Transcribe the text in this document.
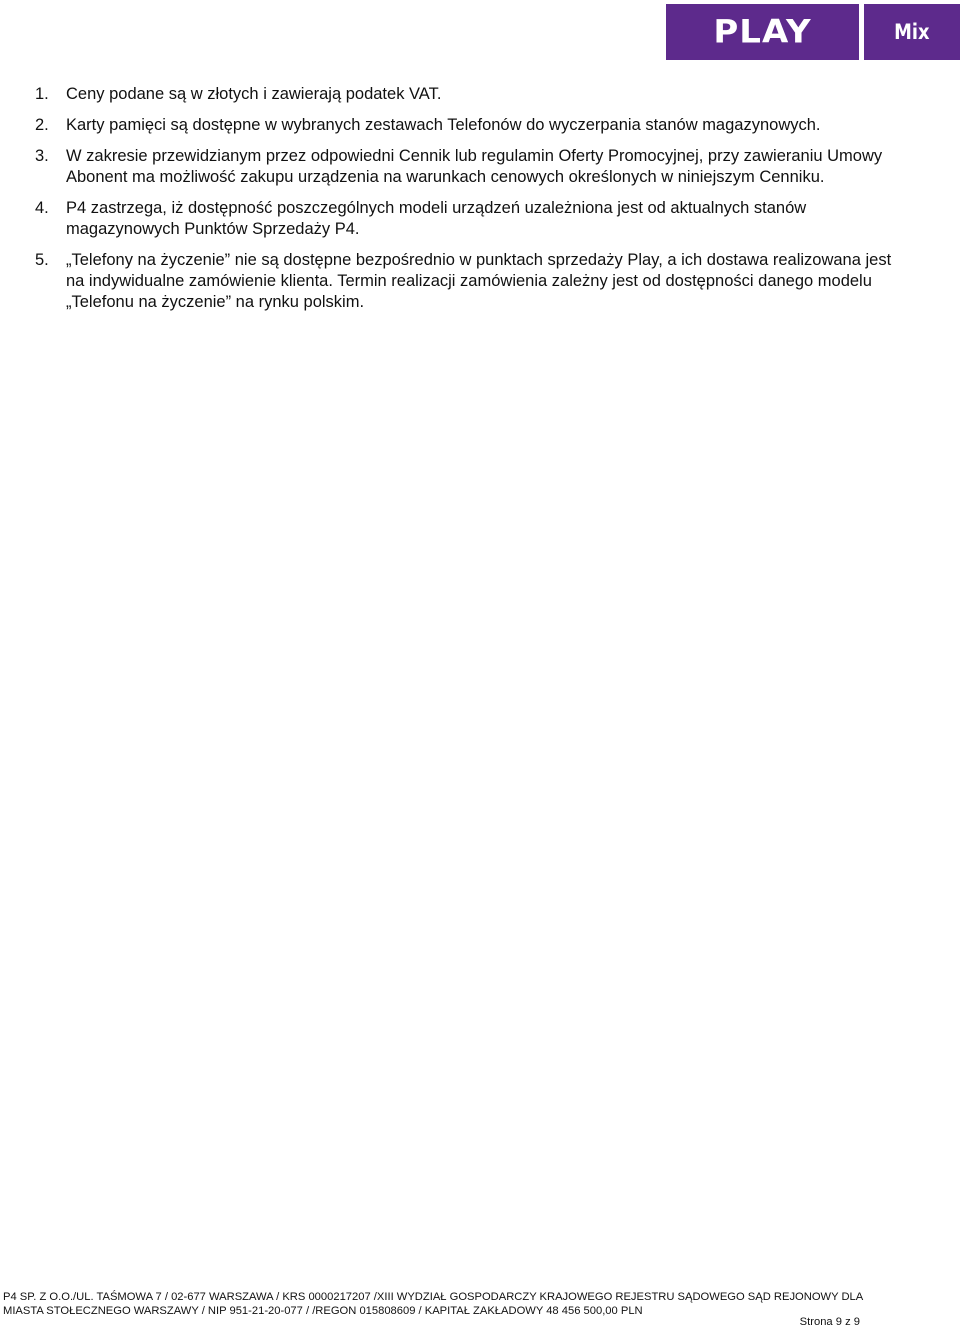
PLAY	Mix
1. Ceny podane są w złotych i zawierają podatek VAT.
2. Karty pamięci są dostępne w wybranych zestawach Telefonów do wyczerpania stanów magazynowych.
3. W zakresie przewidzianym przez odpowiedni Cennik lub regulamin Oferty Promocyjnej, przy zawieraniu Umowy Abonent ma możliwość zakupu urządzenia na warunkach cenowych określonych w niniejszym Cenniku.
4. P4 zastrzega, iż dostępność poszczególnych modeli urządzeń uzależniona jest od aktualnych stanów magazynowych Punktów Sprzedaży P4.
5. „Telefony na życzenie” nie są dostępne bezpośrednio w punktach sprzedaży Play, a ich dostawa realizowana jest na indywidualne zamówienie klienta. Termin realizacji zamówienia zależny jest od dostępności danego modelu „Telefonu na życzenie” na rynku polskim.
P4 SP. Z O.O./UL. TAŚMOWA 7 / 02-677 WARSZAWA / KRS 0000217207 /XIII WYDZIAŁ GOSPODARCZY KRAJOWEGO REJESTRU SĄDOWEGO SĄD REJONOWY DLA
MIASTA STOŁECZNEGO WARSZAWY / NIP 951-21-20-077 / /REGON 015808609 / KAPITAŁ ZAKŁADOWY 48 456 500,00 PLN
Strona 9 z 9
